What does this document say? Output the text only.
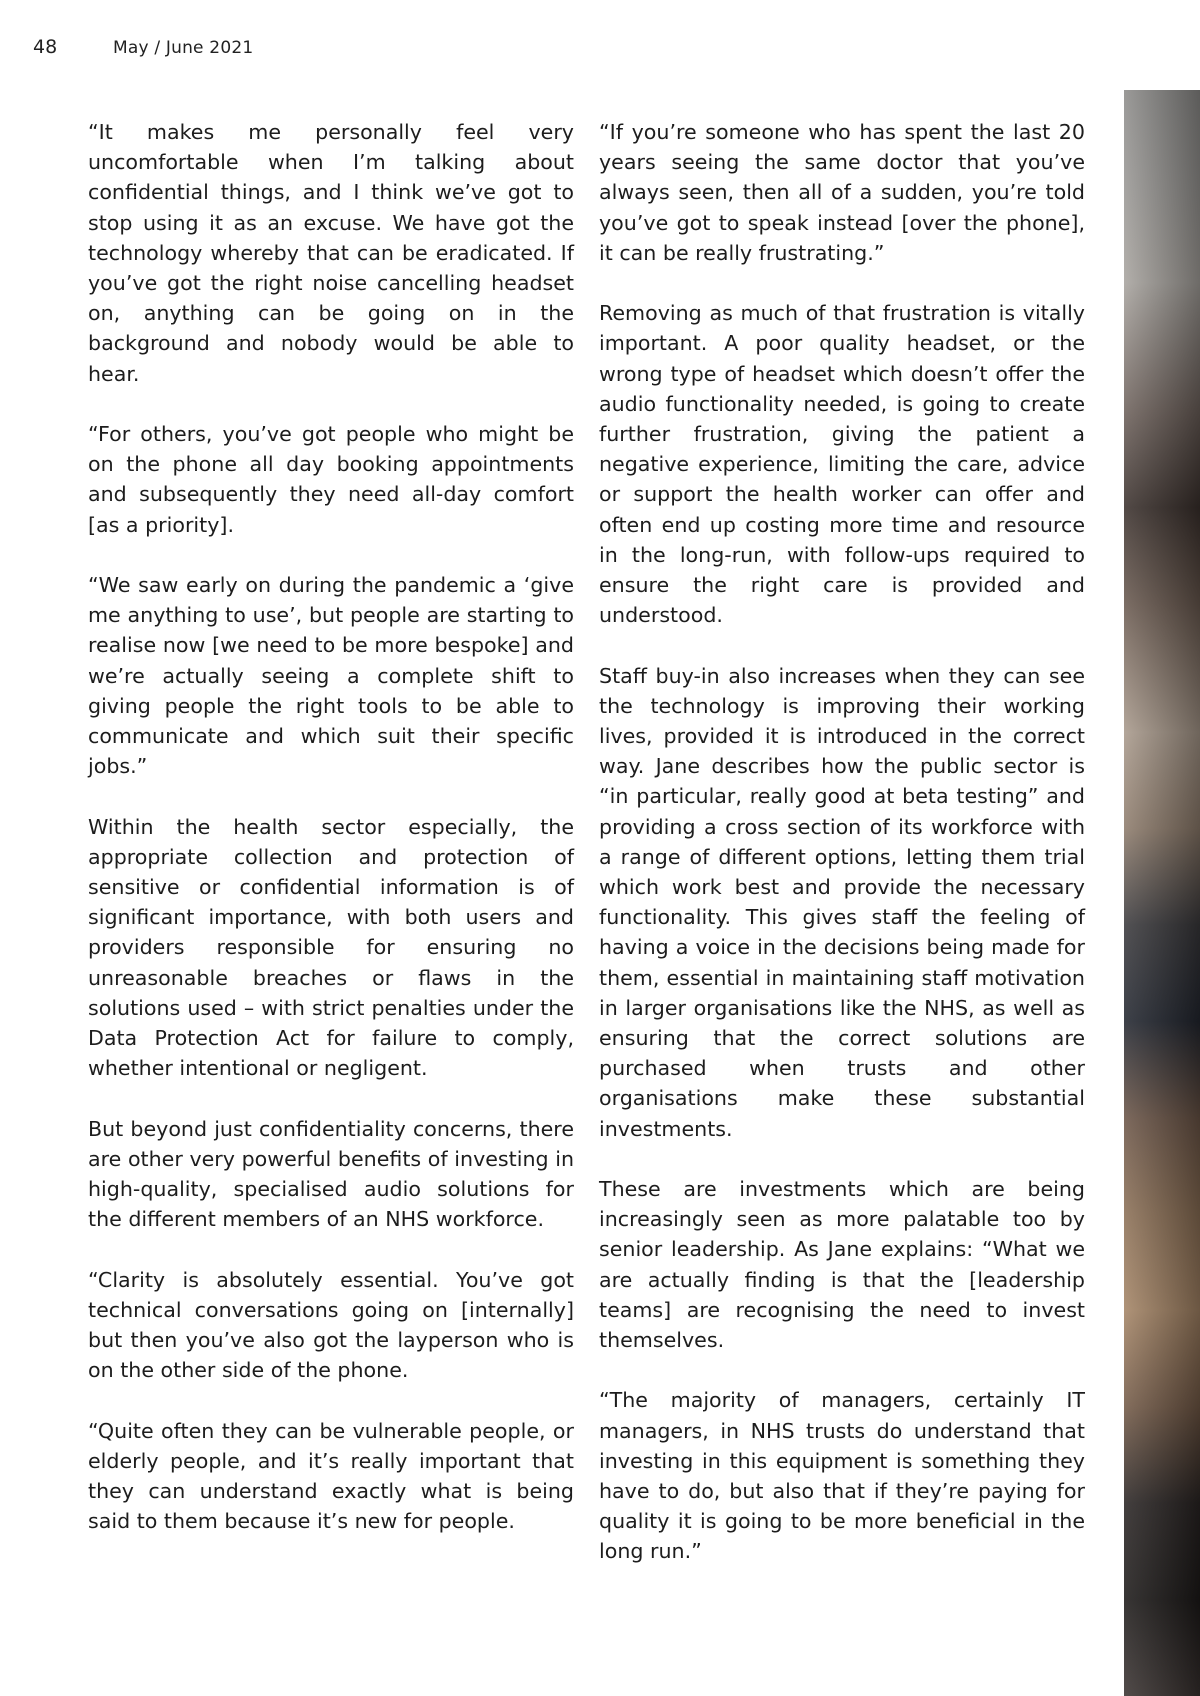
48	May / June 2021

“It makes me personally feel very uncomfortable when I’m talking about confidential things, and I think we’ve got to stop using it as an excuse. We have got the technology whereby that can be eradicated. If you’ve got the right noise cancelling headset on, anything can be going on in the background and nobody would be able to hear.

“For others, you’ve got people who might be on the phone all day booking appointments and subsequently they need all-day comfort [as a priority].

“We saw early on during the pandemic a ‘give me anything to use’, but people are starting to realise now [we need to be more bespoke] and we’re actually seeing a complete shift to giving people the right tools to be able to communicate and which suit their specific jobs.”

Within the health sector especially, the appropriate collection and protection of sensitive or confidential information is of significant importance, with both users and providers responsible for ensuring no unreasonable breaches or flaws in the solutions used – with strict penalties under the Data Protection Act for failure to comply, whether intentional or negligent.

But beyond just confidentiality concerns, there are other very powerful benefits of investing in high-quality, specialised audio solutions for the different members of an NHS workforce.

“Clarity is absolutely essential. You’ve got technical conversations going on [internally] but then you’ve also got the layperson who is on the other side of the phone.

“Quite often they can be vulnerable people, or elderly people, and it’s really important that they can understand exactly what is being said to them because it’s new for people.

“If you’re someone who has spent the last 20 years seeing the same doctor that you’ve always seen, then all of a sudden, you’re told you’ve got to speak instead [over the phone], it can be really frustrating.”

Removing as much of that frustration is vitally important. A poor quality headset, or the wrong type of headset which doesn’t offer the audio functionality needed, is going to create further frustration, giving the patient a negative experience, limiting the care, advice or support the health worker can offer and often end up costing more time and resource in the long-run, with follow-ups required to ensure the right care is provided and understood.

Staff buy-in also increases when they can see the technology is improving their working lives, provided it is introduced in the correct way. Jane describes how the public sector is “in particular, really good at beta testing” and providing a cross section of its workforce with a range of different options, letting them trial which work best and provide the necessary functionality. This gives staff the feeling of having a voice in the decisions being made for them, essential in maintaining staff motivation in larger organisations like the NHS, as well as ensuring that the correct solutions are purchased when trusts and other organisations make these substantial investments.

These are investments which are being increasingly seen as more palatable too by senior leadership. As Jane explains: “What we are actually finding is that the [leadership teams] are recognising the need to invest themselves.

“The majority of managers, certainly IT managers, in NHS trusts do understand that investing in this equipment is something they have to do, but also that if they’re paying for quality it is going to be more beneficial in the long run.”
